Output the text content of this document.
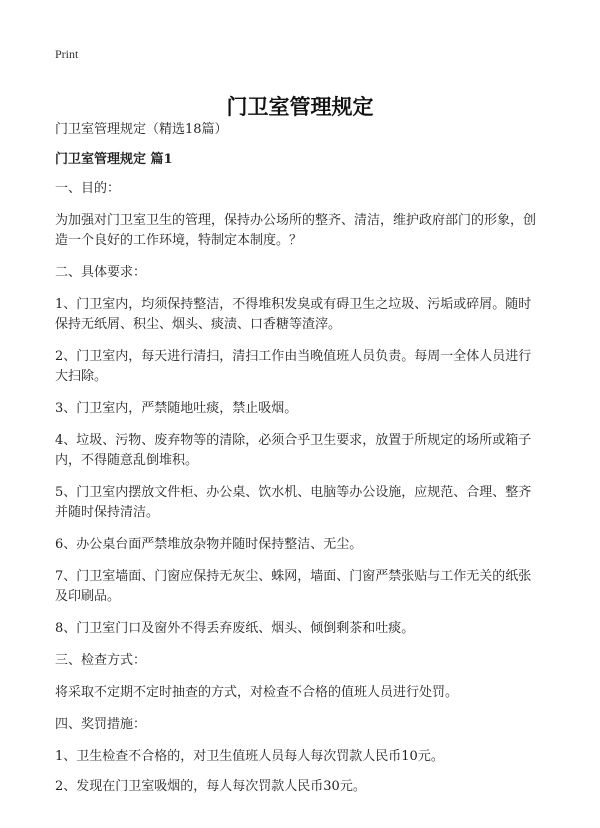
Print
门卫室管理规定

门卫室管理规定（精选18篇）

门卫室管理规定 篇1

一、目的：

为加强对门卫室卫生的管理，保持办公场所的整齐、清洁，维护政府部门的形象，创造一个良好的工作环境，特制定本制度。？

二、具体要求：

1、门卫室内，均须保持整洁，不得堆积发臭或有碍卫生之垃圾、污垢或碎屑。随时保持无纸屑、积尘、烟头、痰渍、口香糖等渣滓。

2、门卫室内，每天进行清扫，清扫工作由当晚值班人员负责。每周一全体人员进行大扫除。

3、门卫室内，严禁随地吐痰，禁止吸烟。

4、垃圾、污物、废弃物等的清除，必须合乎卫生要求，放置于所规定的场所或箱子内，不得随意乱倒堆积。

5、门卫室内摆放文件柜、办公桌、饮水机、电脑等办公设施，应规范、合理、整齐并随时保持清洁。

6、办公桌台面严禁堆放杂物并随时保持整洁、无尘。

7、门卫室墙面、门窗应保持无灰尘、蛛网，墙面、门窗严禁张贴与工作无关的纸张及印刷品。

8、门卫室门口及窗外不得丢弃废纸、烟头、倾倒剩茶和吐痰。

三、检查方式：

将采取不定期不定时抽查的方式，对检查不合格的值班人员进行处罚。

四、奖罚措施：

1、卫生检查不合格的，对卫生值班人员每人每次罚款人民币10元。

2、发现在门卫室吸烟的，每人每次罚款人民币30元。
